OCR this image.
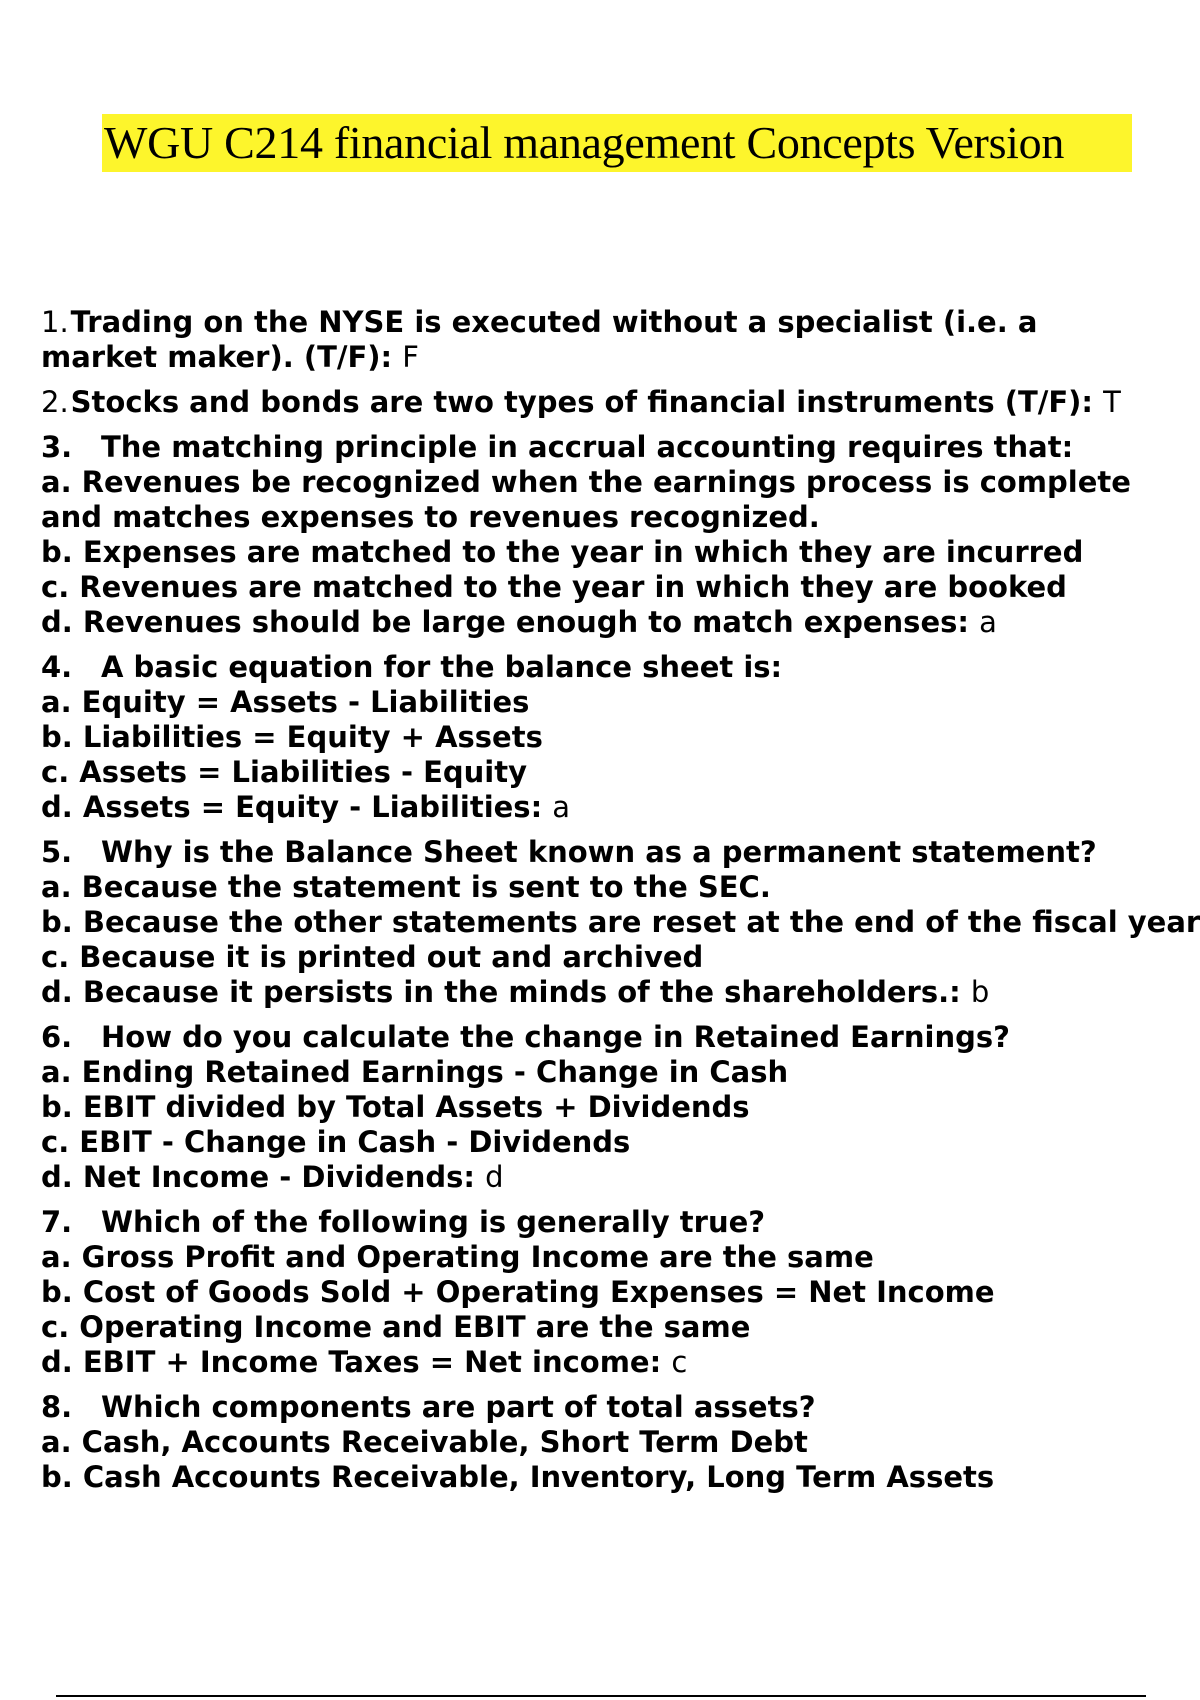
WGU C214 financial management Concepts Version
1.Trading on the NYSE is executed without a specialist (i.e. a market maker). (T/F): F
2.Stocks and bonds are two types of financial instruments (T/F): T
3. The matching principle in accrual accounting requires that:
a. Revenues be recognized when the earnings process is complete
and matches expenses to revenues recognized.
b. Expenses are matched to the year in which they are incurred
c. Revenues are matched to the year in which they are booked
d. Revenues should be large enough to match expenses: a
4. A basic equation for the balance sheet is:
a. Equity = Assets - Liabilities
b. Liabilities = Equity + Assets
c. Assets = Liabilities - Equity
d. Assets = Equity - Liabilities: a
5. Why is the Balance Sheet known as a permanent statement?
a. Because the statement is sent to the SEC.
b. Because the other statements are reset at the end of the fiscal year
c. Because it is printed out and archived
d. Because it persists in the minds of the shareholders.: b
6. How do you calculate the change in Retained Earnings?
a. Ending Retained Earnings - Change in Cash
b. EBIT divided by Total Assets + Dividends
c. EBIT - Change in Cash - Dividends
d. Net Income - Dividends: d
7. Which of the following is generally true?
a. Gross Profit and Operating Income are the same
b. Cost of Goods Sold + Operating Expenses = Net Income
c. Operating Income and EBIT are the same
d. EBIT + Income Taxes = Net income: c
8. Which components are part of total assets?
a. Cash, Accounts Receivable, Short Term Debt
b. Cash Accounts Receivable, Inventory, Long Term Assets
